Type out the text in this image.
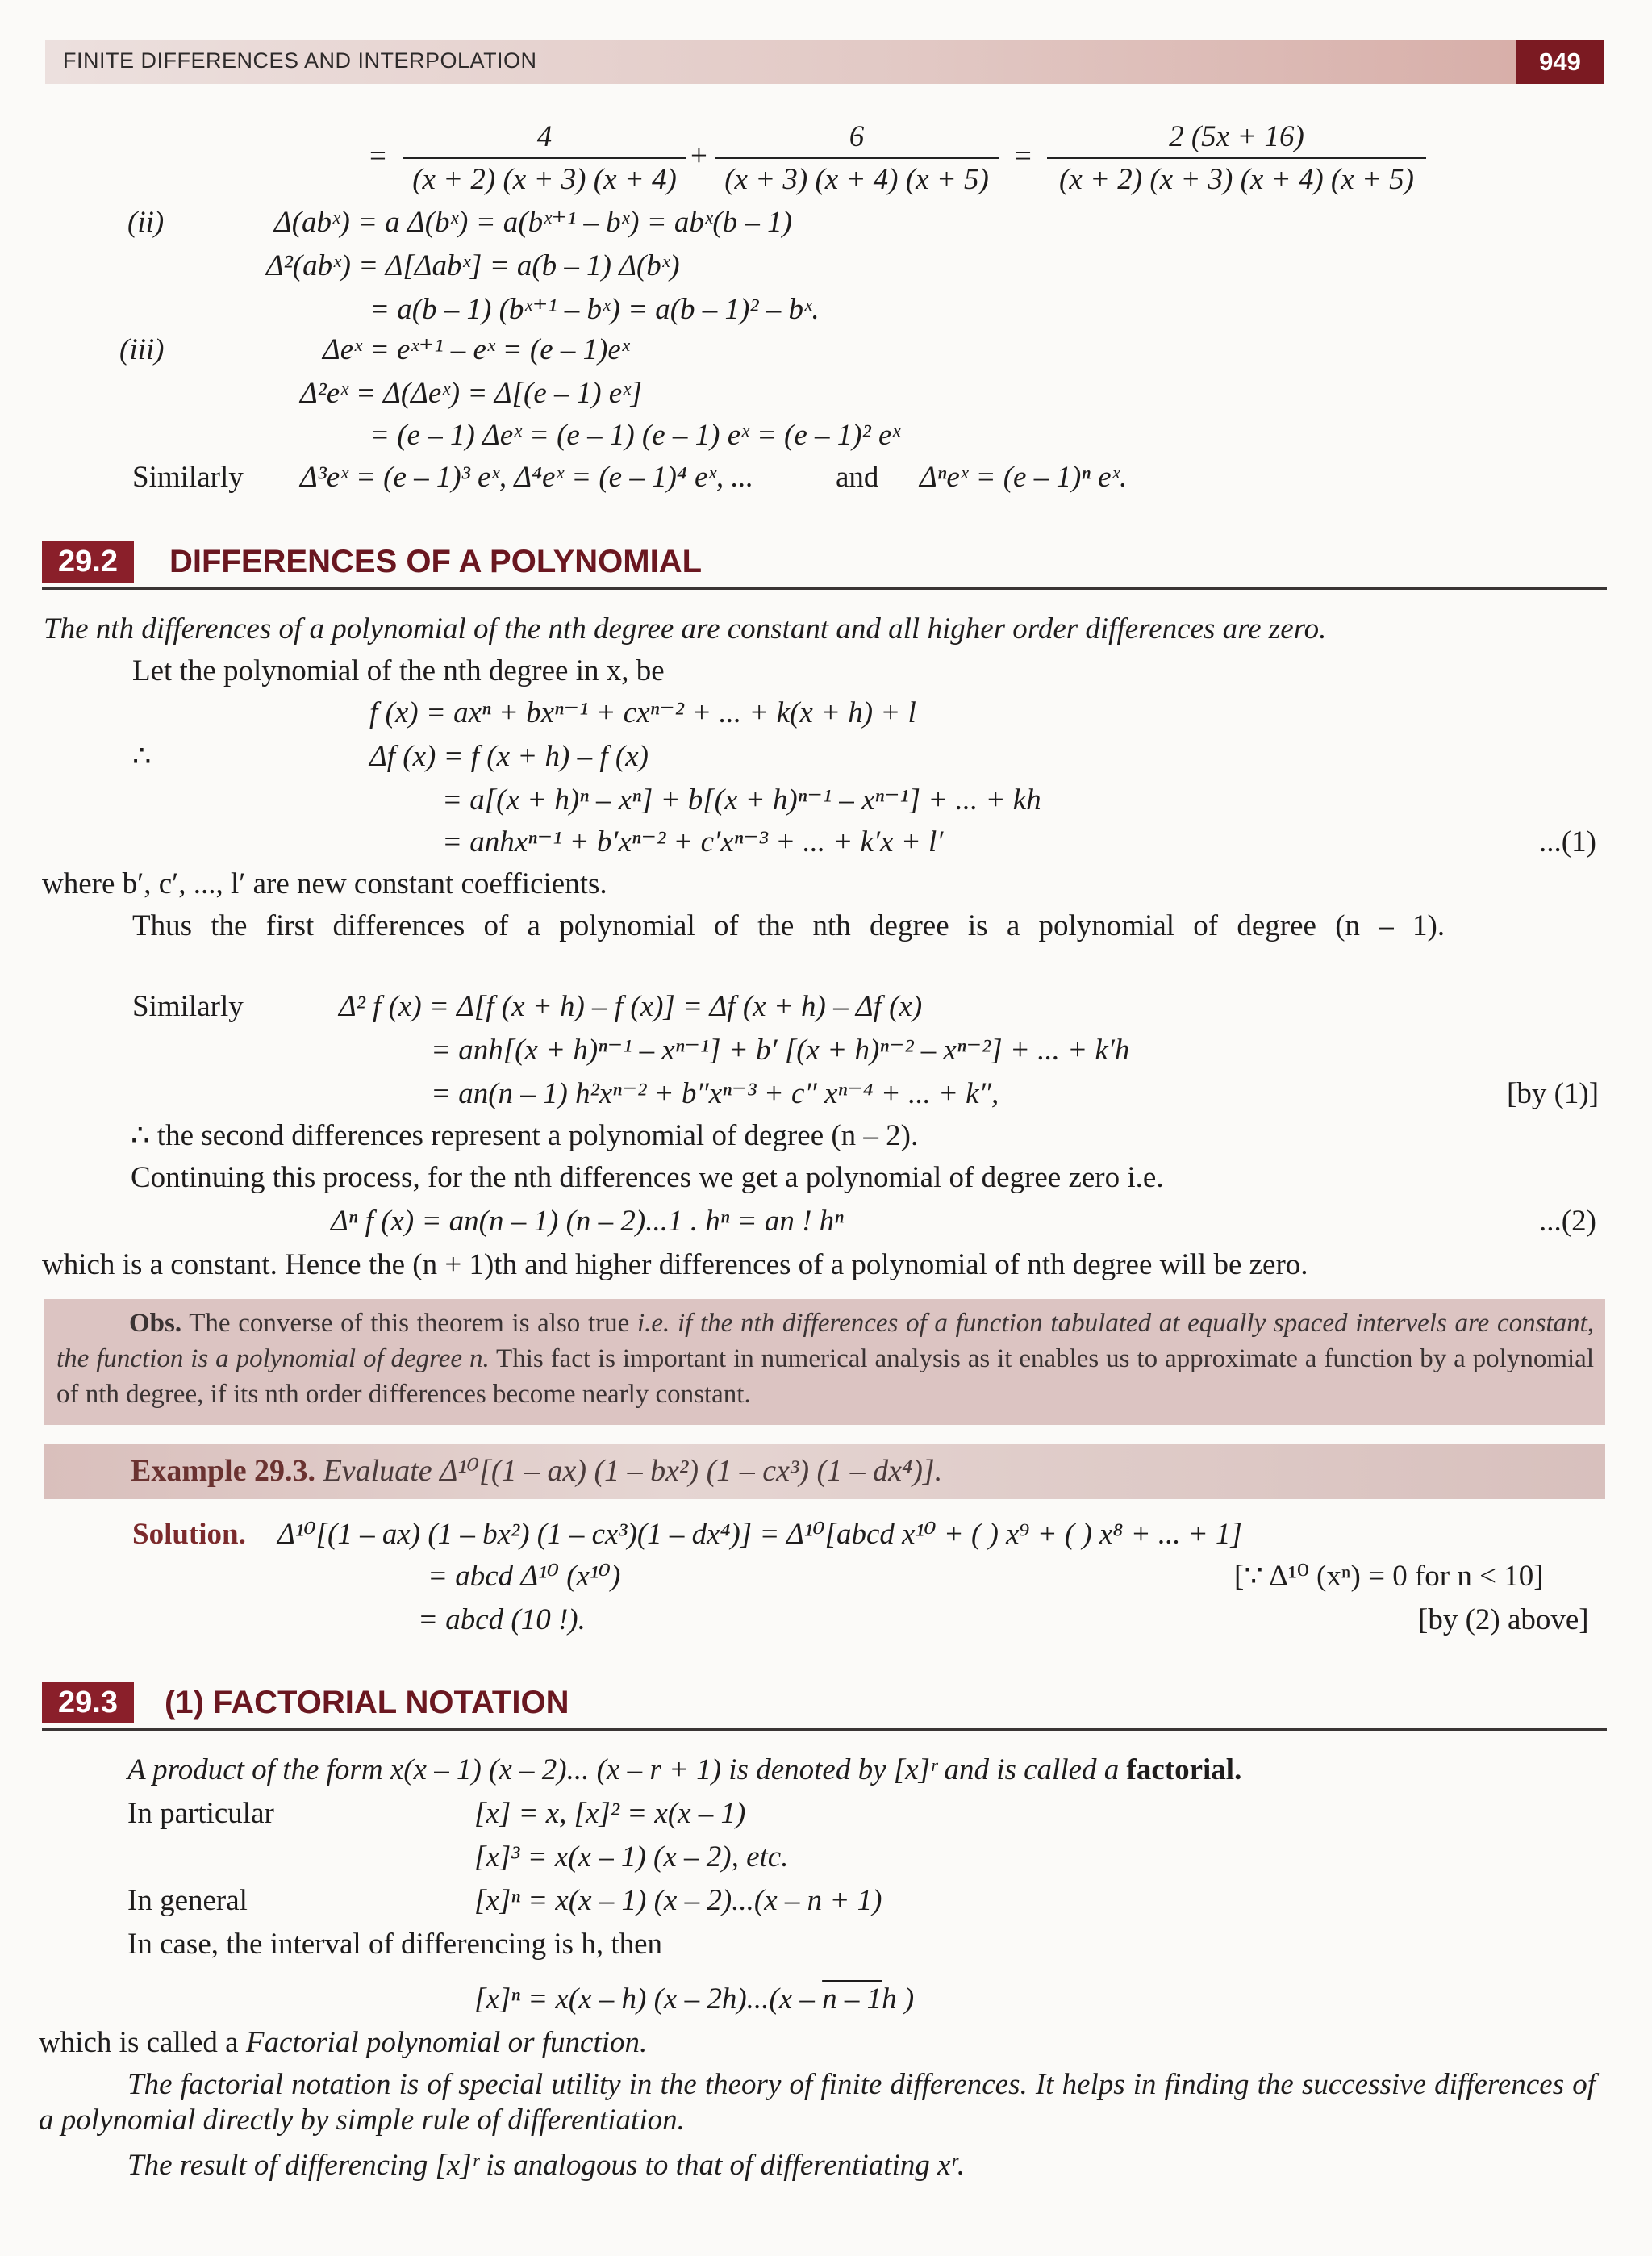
FINITE DIFFERENCES AND INTERPOLATION	949
= $\frac{4}{(x + 2) (x + 3) (x + 4)} + \frac{6}{(x + 3) (x + 4) (x + 5)} = \frac{2 (5x + 16)}{(x + 2) (x + 3) (x + 4) (x + 5)}$
(ii)	Δ(abˣ) = a Δ(bˣ) = a(bˣ⁺¹ – bˣ) = abˣ(b – 1)
Δ²(abˣ) = Δ[Δabˣ] = a(b – 1) Δ(bˣ)
= a(b – 1) (bˣ⁺¹ – bˣ) = a(b – 1)² – bˣ.
(iii)	Δeˣ = eˣ⁺¹ – eˣ = (e – 1)eˣ
Δ²eˣ = Δ(Δeˣ) = Δ[(e – 1) eˣ]
= (e – 1) Δeˣ = (e – 1) (e – 1) eˣ = (e – 1)² eˣ
Similarly Δ³eˣ = (e – 1)³ eˣ, Δ⁴eˣ = (e – 1)⁴ eˣ, ...	and Δⁿeˣ = (e – 1)ⁿ eˣ.
29.2	DIFFERENCES OF A POLYNOMIAL
The nth differences of a polynomial of the nth degree are constant and all higher order differences are zero.
Let the polynomial of the nth degree in x, be
f (x) = axⁿ + bxⁿ⁻¹ + cxⁿ⁻² + ... + k(x + h) + l
∴	Δf (x) = f (x + h) – f (x)
= a[(x + h)ⁿ – xⁿ] + b[(x + h)ⁿ⁻¹ – xⁿ⁻¹] + ... + kh
= anhxⁿ⁻¹ + b′xⁿ⁻² + c′xⁿ⁻³ + ... + k′x + l′	...(1)
where b′, c′, ..., l′ are new constant coefficients.
Thus the first differences of a polynomial of the nth degree is a polynomial of degree (n – 1).
Similarly	Δ² f (x) = Δ[f (x + h) – f (x)] = Δf (x + h) – Δf (x)
= anh[(x + h)ⁿ⁻¹ – xⁿ⁻¹] + b′ [(x + h)ⁿ⁻² – xⁿ⁻²] + ... + k′h
= an(n – 1) h²xⁿ⁻² + b″xⁿ⁻³ + c″ xⁿ⁻⁴ + ... + k″,	[by (1)]
∴ the second differences represent a polynomial of degree (n – 2).
Continuing this process, for the nth differences we get a polynomial of degree zero i.e.
Δⁿ f (x) = an(n – 1) (n – 2)...1 . hⁿ = an ! hⁿ	...(2)
which is a constant. Hence the (n + 1)th and higher differences of a polynomial of nth degree will be zero.
Obs. The converse of this theorem is also true i.e. if the nth differences of a function tabulated at equally spaced intervels are constant, the function is a polynomial of degree n. This fact is important in numerical analysis as it enables us to approximate a function by a polynomial of nth degree, if its nth order differences become nearly constant.
Example 29.3. Evaluate Δ¹⁰[(1 – ax) (1 – bx²) (1 – cx³) (1 – dx⁴)].
Solution. Δ¹⁰[(1 – ax) (1 – bx²) (1 – cx³)(1 – dx⁴)] = Δ¹⁰[abcd x¹⁰ + ( ) x⁹ + ( ) x⁸ + ... + 1]
= abcd Δ¹⁰ (x¹⁰)	[∵ Δ¹⁰ (xⁿ) = 0 for n < 10]
= abcd (10 !).	[by (2) above]
29.3	(1) FACTORIAL NOTATION
A product of the form x(x – 1) (x – 2)... (x – r + 1) is denoted by [x]ʳ and is called a factorial.
In particular	[x] = x, [x]² = x(x – 1)
[x]³ = x(x – 1) (x – 2), etc.
In general	[x]ⁿ = x(x – 1) (x – 2)...(x – n + 1)
In case, the interval of differencing is h, then
[x]ⁿ = x(x – h) (x – 2h)...(x – n – 1h )
which is called a Factorial polynomial or function.
The factorial notation is of special utility in the theory of finite differences. It helps in finding the successive differences of a polynomial directly by simple rule of differentiation.
The result of differencing [x]ʳ is analogous to that of differentiating xʳ.
